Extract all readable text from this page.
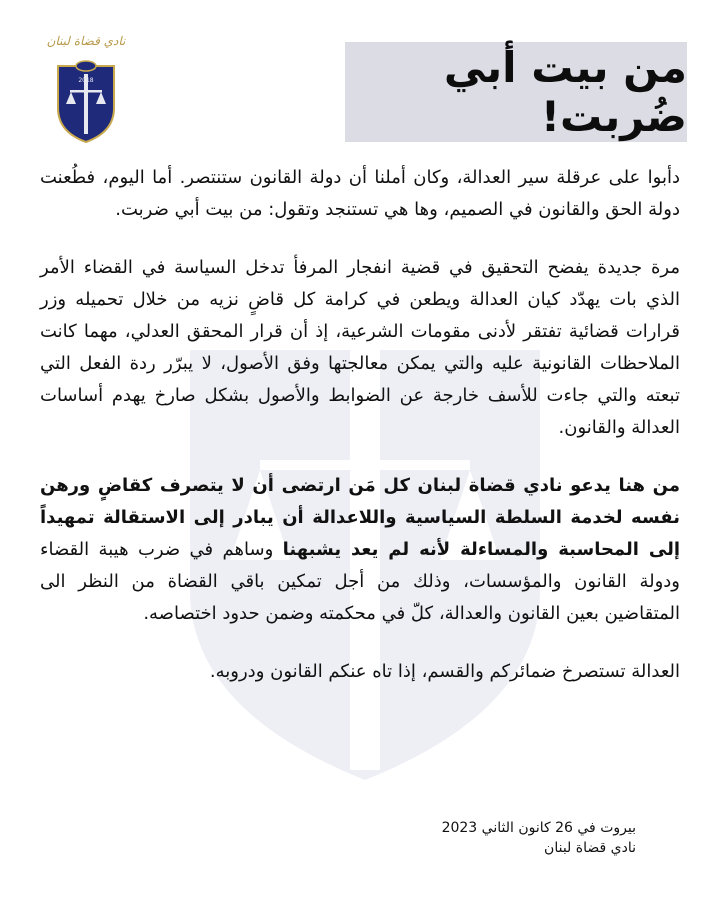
نادي قضاة لبنان
2018	من بيت أبي ضُربت!

دأبوا على عرقلة سير العدالة، وكان أملنا أن دولة القانون ستنتصر. أما اليوم، فطُعنت دولة الحق والقانون في الصميم، وها هي تستنجد وتقول: من بيت أبي ضربت.

مرة جديدة يفضح التحقيق في قضية انفجار المرفأ تدخل السياسة في القضاء الأمر الذي بات يهدّد كيان العدالة ويطعن في كرامة كل قاضٍ نزيه من خلال تحميله وزر قرارات قضائية تفتقر لأدنى مقومات الشرعية، إذ أن قرار المحقق العدلي، مهما كانت الملاحظات القانونية عليه والتي يمكن معالجتها وفق الأصول، لا يبرّر ردة الفعل التي تبعته والتي جاءت للأسف خارجة عن الضوابط والأصول بشكل صارخ يهدم أساسات العدالة والقانون.

من هنا يدعو نادي قضاة لبنان كل مَن ارتضى أن لا يتصرف كقاضٍ ورهن نفسه لخدمة السلطة السياسية واللاعدالة أن يبادر إلى الاستقالة تمهيداً إلى المحاسبة والمساءلة لأنه لم يعد يشبهنا وساهم في ضرب هيبة القضاء ودولة القانون والمؤسسات، وذلك من أجل تمكين باقي القضاة من النظر الى المتقاضين بعين القانون والعدالة، كلّ في محكمته وضمن حدود اختصاصه.

العدالة تستصرخ ضمائركم والقسم، إذا تاه عنكم القانون ودروبه.

بيروت في 26 كانون الثاني 2023
نادي قضاة لبنان
